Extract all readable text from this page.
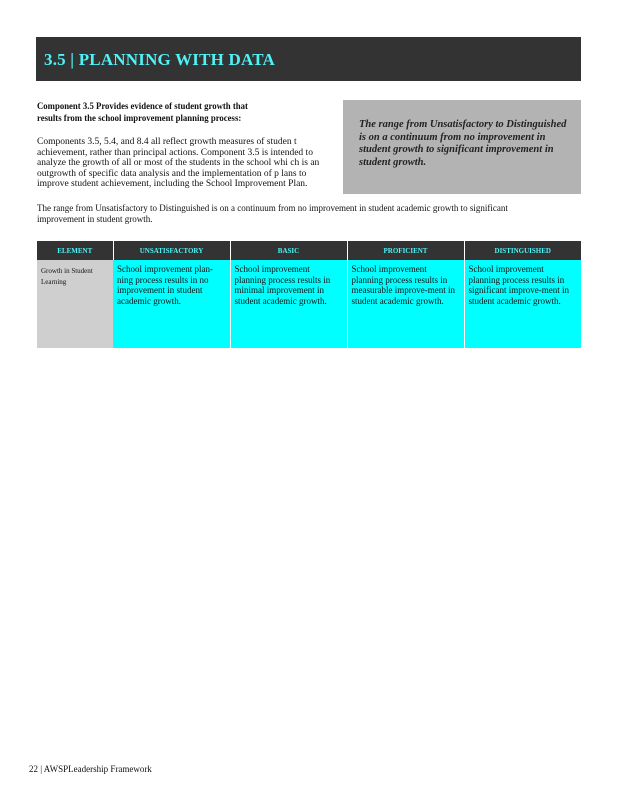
3.5 | PLANNING WITH DATA
Component 3.5 Provides evidence of student growth that
results from the school improvement planning process:
Components 3.5, 5.4, and 8.4 all reflect growth measures of studen t achievement, rather than principal actions. Component 3.5 is intended to analyze the growth of all or most of the students in the school whi ch is an outgrowth of specific data analysis and the implementation of p lans to improve student achievement, including the School Improvement Plan.
The range from Unsatisfactory to Distinguished is on a continuum from no improvement in student growth to significant improvement in student growth.
The range from Unsatisfactory to Distinguished is on a continuum from no improvement in student academic growth to significant improvement in student growth.
ELEMENT	UNSATISFACTORY	BASIC	PROFICIENT	DISTINGUISHED
Growth in Student Learning	School improvement plan-ning process results in no improvement in student academic growth.	School improvement planning process results in minimal improvement in student academic growth.	School improvement planning process results in measurable improve-ment in student academic growth.	School improvement planning process results in significant improve-ment in student academic growth.
22 | AWSPLeadership Framework
